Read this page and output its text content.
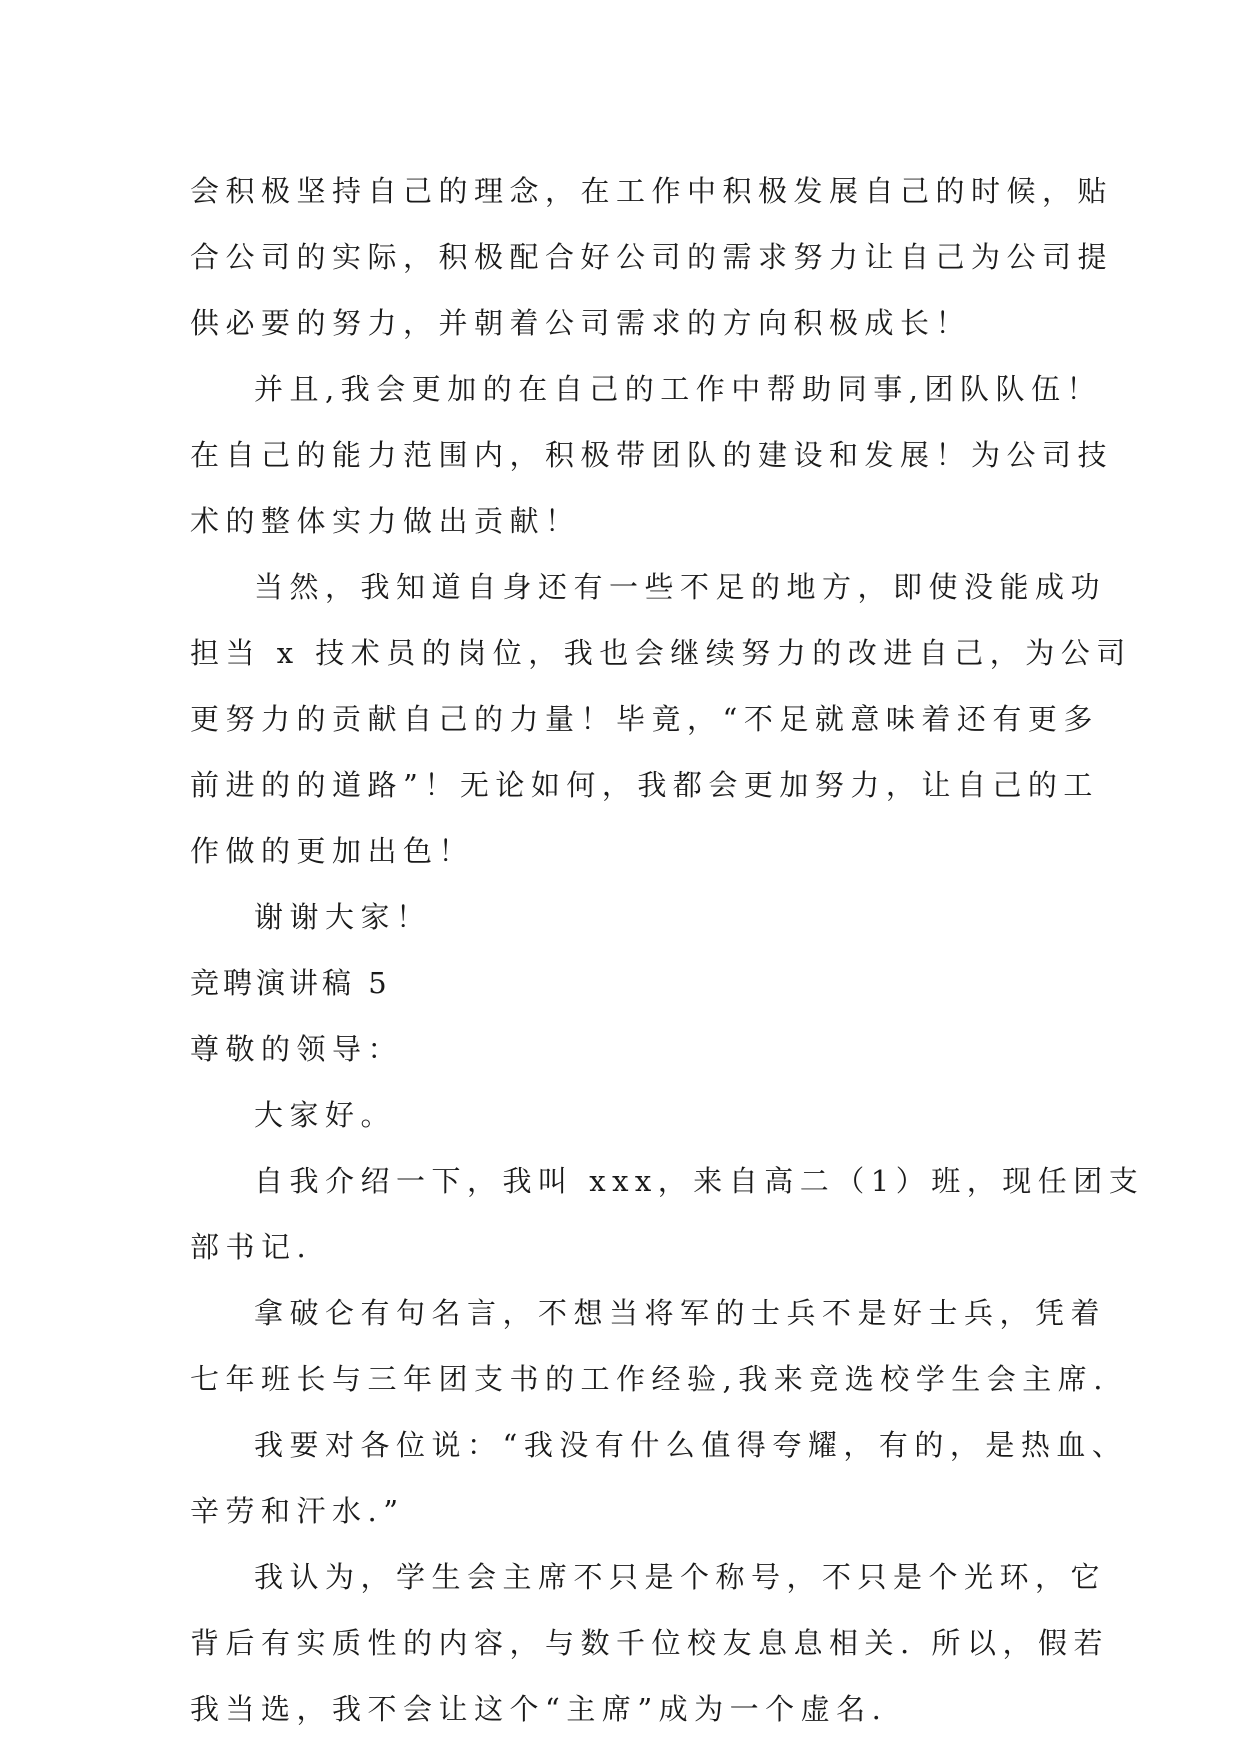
会积极坚持自己的理念，在工作中积极发展自己的时候，贴
合公司的实际，积极配合好公司的需求努力让自己为公司提
供必要的努力，并朝着公司需求的方向积极成长！
并且,我会更加的在自己的工作中帮助同事,团队队伍！
在自己的能力范围内，积极带团队的建设和发展！为公司技
术的整体实力做出贡献！
当然，我知道自身还有一些不足的地方，即使没能成功
担当 x 技术员的岗位，我也会继续努力的改进自己，为公司
更努力的贡献自己的力量！毕竟，“不足就意味着还有更多
前进的的道路”！无论如何，我都会更加努力，让自己的工
作做的更加出色！
谢谢大家！
竞聘演讲稿 5
尊敬的领导：
大家好。
自我介绍一下，我叫 xxx，来自高二（1）班，现任团支
部书记.
拿破仑有句名言，不想当将军的士兵不是好士兵，凭着
七年班长与三年团支书的工作经验,我来竞选校学生会主席.
我要对各位说：“我没有什么值得夸耀，有的，是热血、
辛劳和汗水.”
我认为，学生会主席不只是个称号，不只是个光环，它
背后有实质性的内容，与数千位校友息息相关. 所以，假若
我当选，我不会让这个“主席”成为一个虚名.
